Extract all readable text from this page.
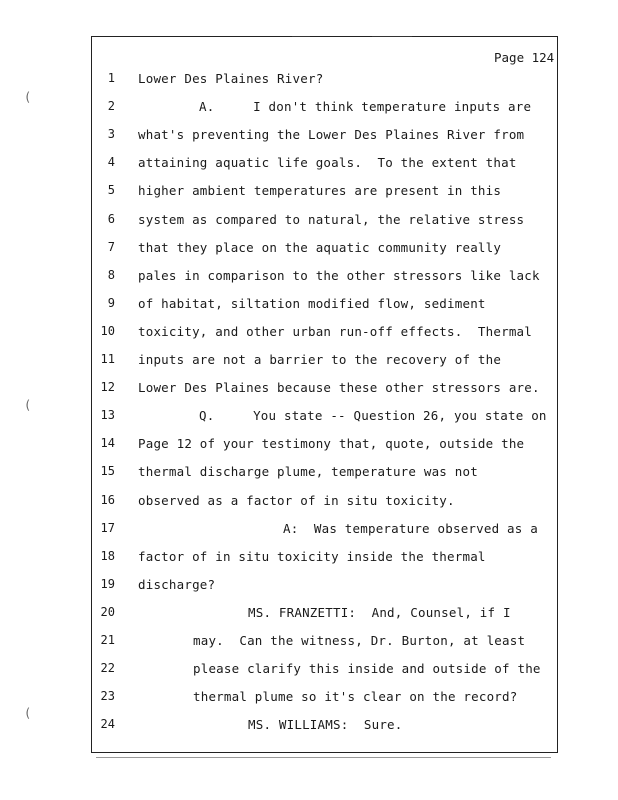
Page 124
(
(
(
1 Lower Des Plaines River?
2	A.     I don't think temperature inputs are
3 what's preventing the Lower Des Plaines River from
4 attaining aquatic life goals.  To the extent that
5 higher ambient temperatures are present in this
6 system as compared to natural, the relative stress
7 that they place on the aquatic community really
8 pales in comparison to the other stressors like lack
9 of habitat, siltation modified flow, sediment
10 toxicity, and other urban run-off effects.  Thermal
11 inputs are not a barrier to the recovery of the
12 Lower Des Plaines because these other stressors are.
13	Q.     You state -- Question 26, you state on
14 Page 12 of your testimony that, quote, outside the
15 thermal discharge plume, temperature was not
16 observed as a factor of in situ toxicity.
17	A:  Was temperature observed as a
18 factor of in situ toxicity inside the thermal
19 discharge?
20	MS. FRANZETTI:  And, Counsel, if I
21	may.  Can the witness, Dr. Burton, at least
22	please clarify this inside and outside of the
23	thermal plume so it's clear on the record?
24	MS. WILLIAMS:  Sure.
